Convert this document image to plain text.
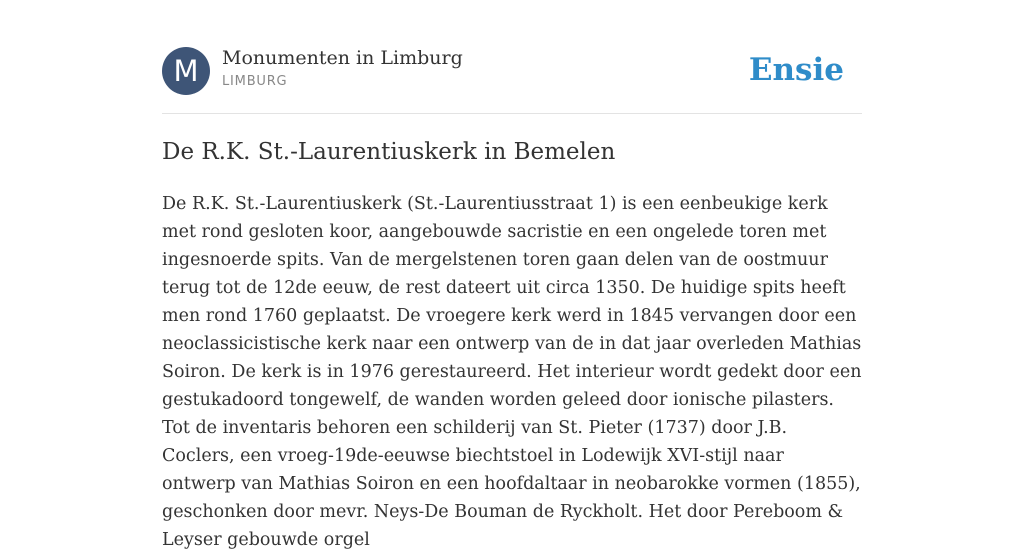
M	Monumenten in Limburg
LIMBURG	Ensie
De R.K. St.-Laurentiuskerk in Bemelen

De R.K. St.-Laurentiuskerk (St.-Laurentiusstraat 1) is een eenbeukige kerk met rond gesloten koor, aangebouwde sacristie en een ongelede toren met ingesnoerde spits. Van de mergelstenen toren gaan delen van de oostmuur terug tot de 12de eeuw, de rest dateert uit circa 1350. De huidige spits heeft men rond 1760 geplaatst. De vroegere kerk werd in 1845 vervangen door een neoclassicistische kerk naar een ontwerp van de in dat jaar overleden Mathias Soiron. De kerk is in 1976 gerestaureerd. Het interieur wordt gedekt door een gestukadoord tongewelf, de wanden worden geleed door ionische pilasters. Tot de inventaris behoren een schilderij van St. Pieter (1737) door J.B. Coclers, een vroeg-19de-eeuwse biechtstoel in Lodewijk XVI-stijl naar ontwerp van Mathias Soiron en een hoofdaltaar in neobarokke vormen (1855), geschonken door mevr. Neys-De Bouman de Ryckholt. Het door Pereboom & Leyser gebouwde orgel
